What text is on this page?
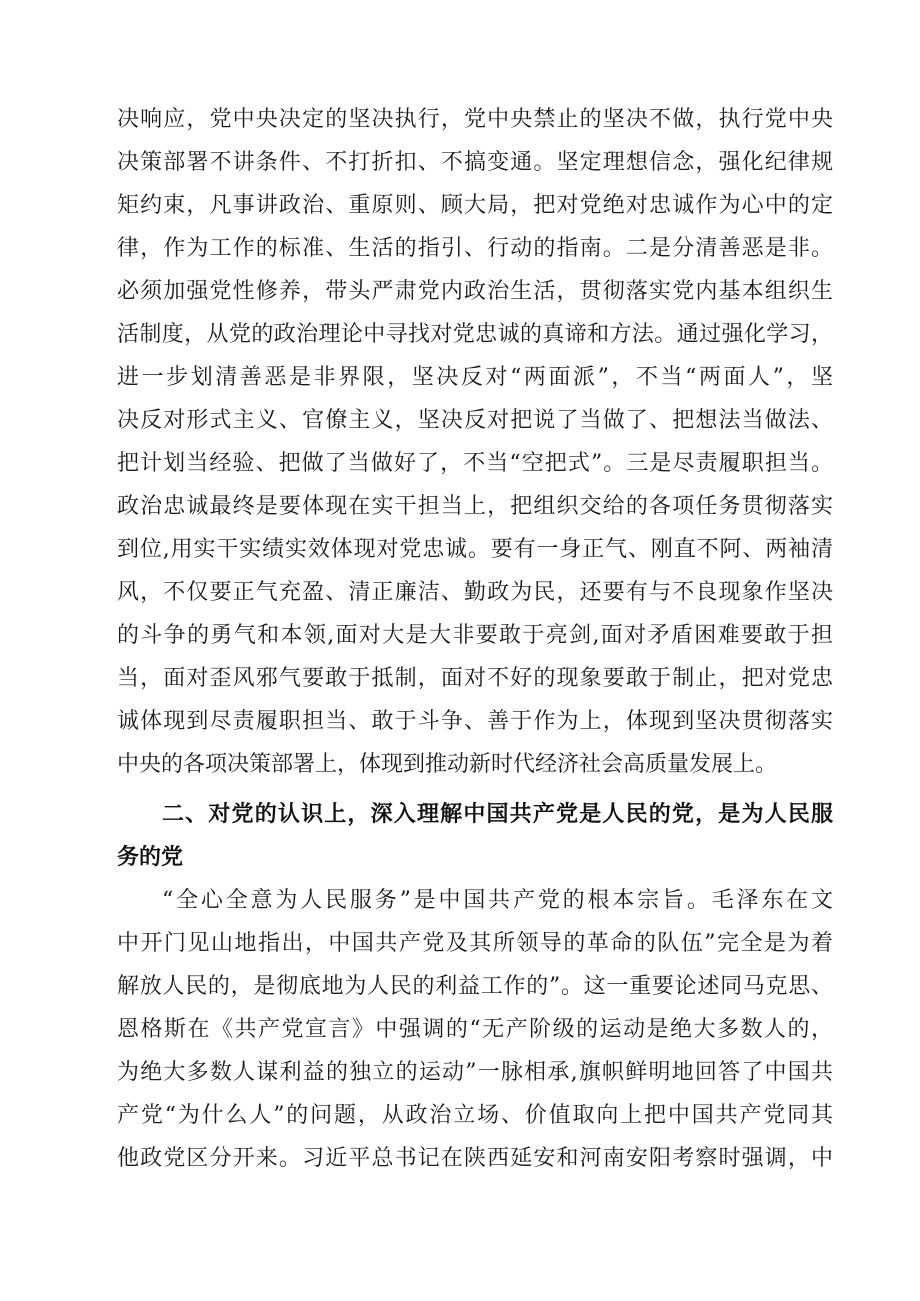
决响应，党中央决定的坚决执行，党中央禁止的坚决不做，执行党中央
决策部署不讲条件、不打折扣、不搞变通。坚定理想信念，强化纪律规
矩约束，凡事讲政治、重原则、顾大局，把对党绝对忠诚作为心中的定
律，作为工作的标准、生活的指引、行动的指南。二是分清善恶是非。
必须加强党性修养，带头严肃党内政治生活，贯彻落实党内基本组织生
活制度，从党的政治理论中寻找对党忠诚的真谛和方法。通过强化学习，
进一步划清善恶是非界限，坚决反对“两面派”，不当“两面人”，坚
决反对形式主义、官僚主义，坚决反对把说了当做了、把想法当做法、
把计划当经验、把做了当做好了，不当“空把式”。三是尽责履职担当。
政治忠诚最终是要体现在实干担当上，把组织交给的各项任务贯彻落实
到位,用实干实绩实效体现对党忠诚。要有一身正气、刚直不阿、两袖清
风，不仅要正气充盈、清正廉洁、勤政为民，还要有与不良现象作坚决
的斗争的勇气和本领,面对大是大非要敢于亮剑,面对矛盾困难要敢于担
当，面对歪风邪气要敢于抵制，面对不好的现象要敢于制止，把对党忠
诚体现到尽责履职担当、敢于斗争、善于作为上，体现到坚决贯彻落实
中央的各项决策部署上，体现到推动新时代经济社会高质量发展上。
二、对党的认识上，深入理解中国共产党是人民的党，是为人民服
务的党
“全心全意为人民服务”是中国共产党的根本宗旨。毛泽东在文
中开门见山地指出，中国共产党及其所领导的革命的队伍”完全是为着
解放人民的，是彻底地为人民的利益工作的”。这一重要论述同马克思、
恩格斯在《共产党宣言》中强调的“无产阶级的运动是绝大多数人的，
为绝大多数人谋利益的独立的运动”一脉相承,旗帜鲜明地回答了中国共
产党“为什么人”的问题，从政治立场、价值取向上把中国共产党同其
他政党区分开来。习近平总书记在陕西延安和河南安阳考察时强调，中
